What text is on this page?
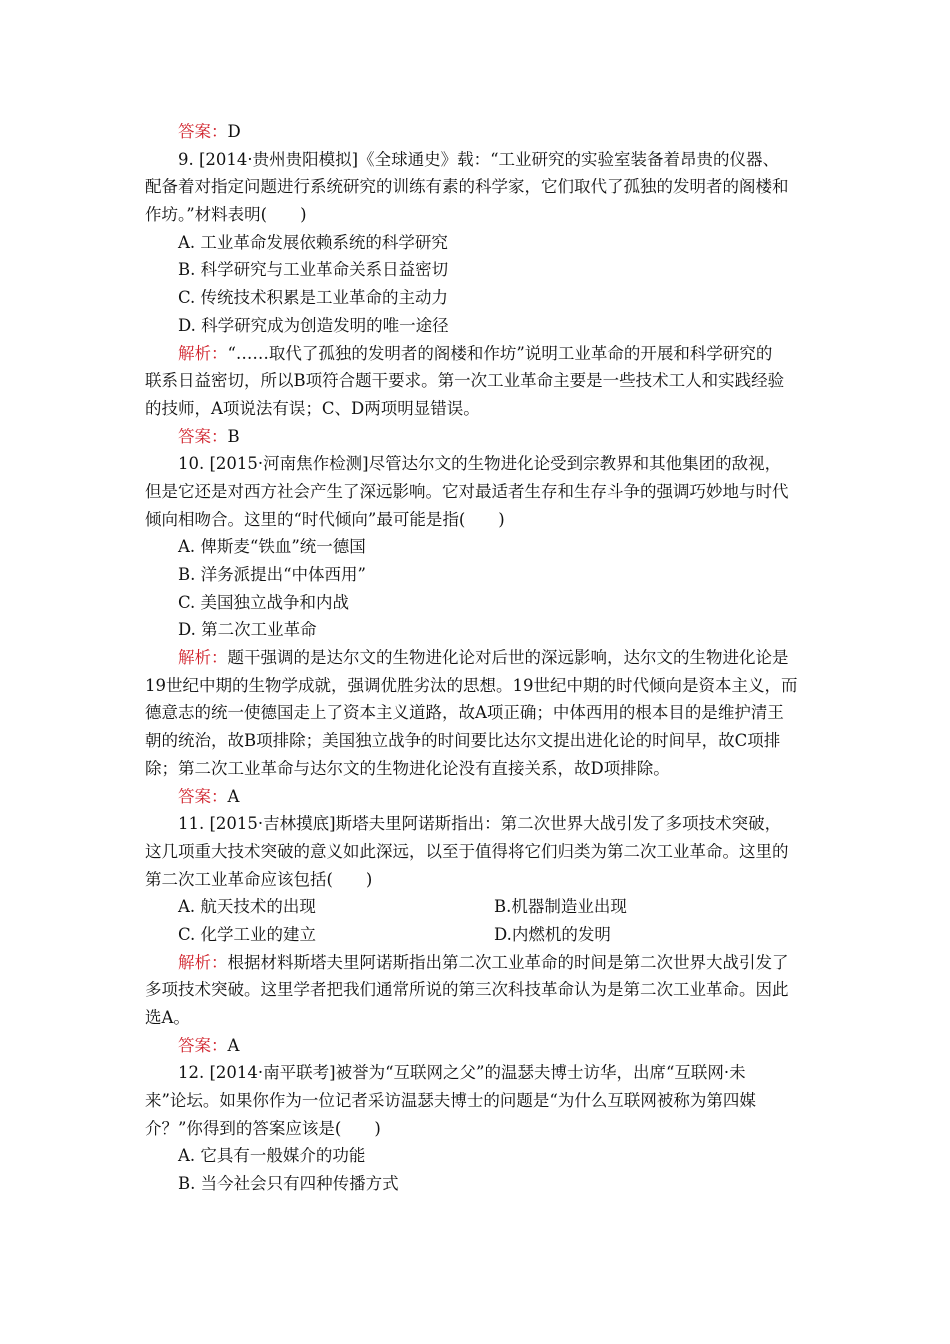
答案：D
9. [2014·贵州贵阳模拟]《全球通史》载：“工业研究的实验室装备着昂贵的仪器、
配备着对指定问题进行系统研究的训练有素的科学家，它们取代了孤独的发明者的阁楼和
作坊。”材料表明(　　)
A. 工业革命发展依赖系统的科学研究
B. 科学研究与工业革命关系日益密切
C. 传统技术积累是工业革命的主动力
D. 科学研究成为创造发明的唯一途径
解析：“……取代了孤独的发明者的阁楼和作坊”说明工业革命的开展和科学研究的
联系日益密切，所以B项符合题干要求。第一次工业革命主要是一些技术工人和实践经验
的技师，A项说法有误；C、D两项明显错误。
答案：B
10. [2015·河南焦作检测]尽管达尔文的生物进化论受到宗教界和其他集团的敌视，
但是它还是对西方社会产生了深远影响。它对最适者生存和生存斗争的强调巧妙地与时代
倾向相吻合。这里的“时代倾向”最可能是指(　　)
A. 俾斯麦“铁血”统一德国
B. 洋务派提出“中体西用”
C. 美国独立战争和内战
D. 第二次工业革命
解析：题干强调的是达尔文的生物进化论对后世的深远影响，达尔文的生物进化论是
19世纪中期的生物学成就，强调优胜劣汰的思想。19世纪中期的时代倾向是资本主义，而
德意志的统一使德国走上了资本主义道路，故A项正确；中体西用的根本目的是维护清王
朝的统治，故B项排除；美国独立战争的时间要比达尔文提出进化论的时间早，故C项排
除；第二次工业革命与达尔文的生物进化论没有直接关系，故D项排除。
答案：A
11. [2015·吉林摸底]斯塔夫里阿诺斯指出：第二次世界大战引发了多项技术突破，
这几项重大技术突破的意义如此深远，以至于值得将它们归类为第二次工业革命。这里的
第二次工业革命应该包括(　　)
A. 航天技术的出现	B.机器制造业出现
C. 化学工业的建立	D.内燃机的发明
解析：根据材料斯塔夫里阿诺斯指出第二次工业革命的时间是第二次世界大战引发了
多项技术突破。这里学者把我们通常所说的第三次科技革命认为是第二次工业革命。因此
选A。
答案：A
12. [2014·南平联考]被誉为“互联网之父”的温瑟夫博士访华，出席“互联网·未
来”论坛。如果你作为一位记者采访温瑟夫博士的问题是“为什么互联网被称为第四媒
介？”你得到的答案应该是(　　)
A. 它具有一般媒介的功能
B. 当今社会只有四种传播方式
